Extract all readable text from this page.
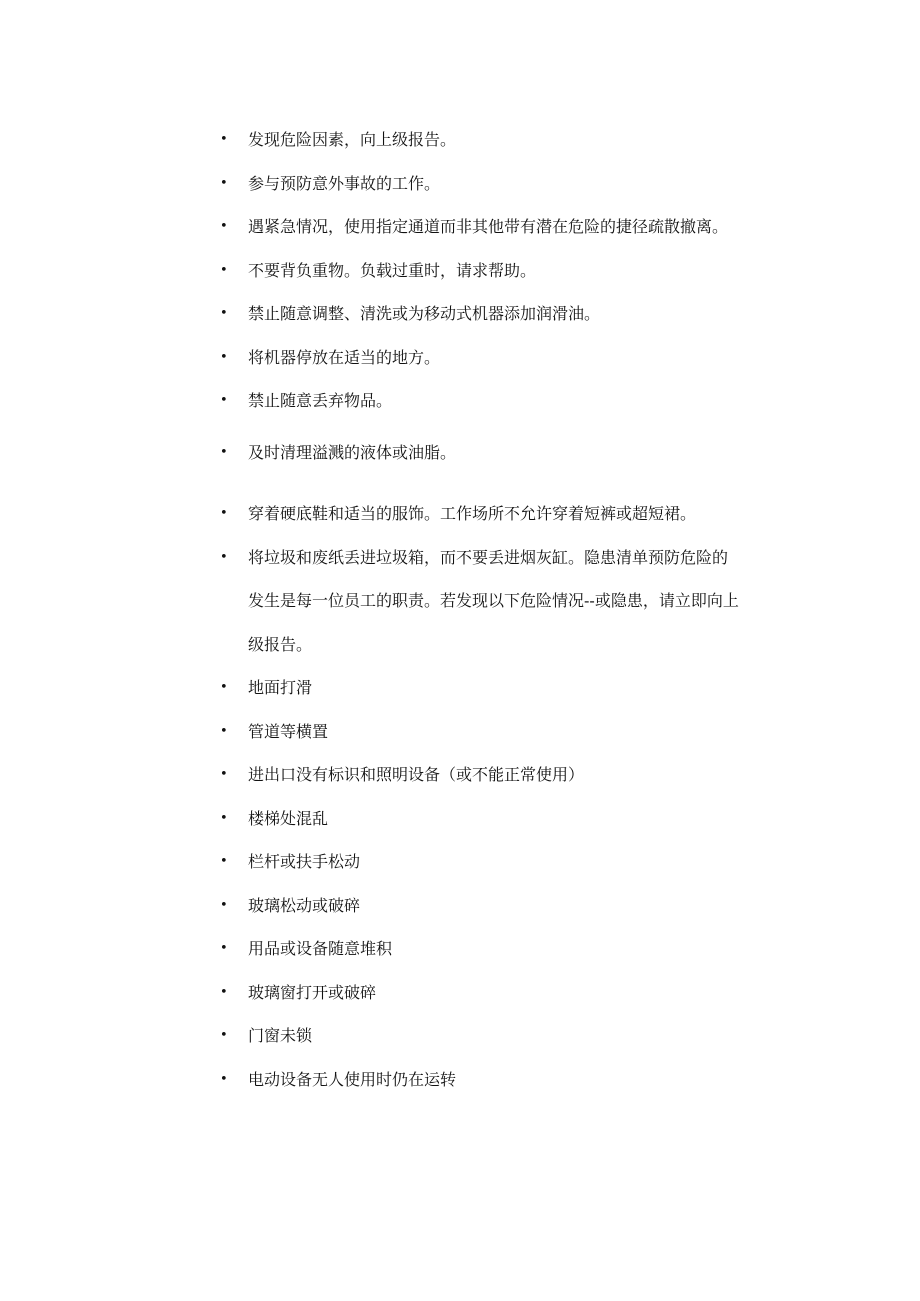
• 发现危险因素，向上级报告。
• 参与预防意外事故的工作。
• 遇紧急情况，使用指定通道而非其他带有潜在危险的捷径疏散撤离。
• 不要背负重物。负载过重时，请求帮助。
• 禁止随意调整、清洗或为移动式机器添加润滑油。
• 将机器停放在适当的地方。
• 禁止随意丢弃物品。
• 及时清理溢溅的液体或油脂。
• 穿着硬底鞋和适当的服饰。工作场所不允许穿着短裤或超短裙。
• 将垃圾和废纸丢进垃圾箱，而不要丢进烟灰缸。隐患清单预防危险的发生是每一位员工的职责。若发现以下危险情况--或隐患，请立即向上级报告。
• 地面打滑
• 管道等横置
• 进出口没有标识和照明设备（或不能正常使用）
• 楼梯处混乱
• 栏杆或扶手松动
• 玻璃松动或破碎
• 用品或设备随意堆积
• 玻璃窗打开或破碎
• 门窗未锁
• 电动设备无人使用时仍在运转
